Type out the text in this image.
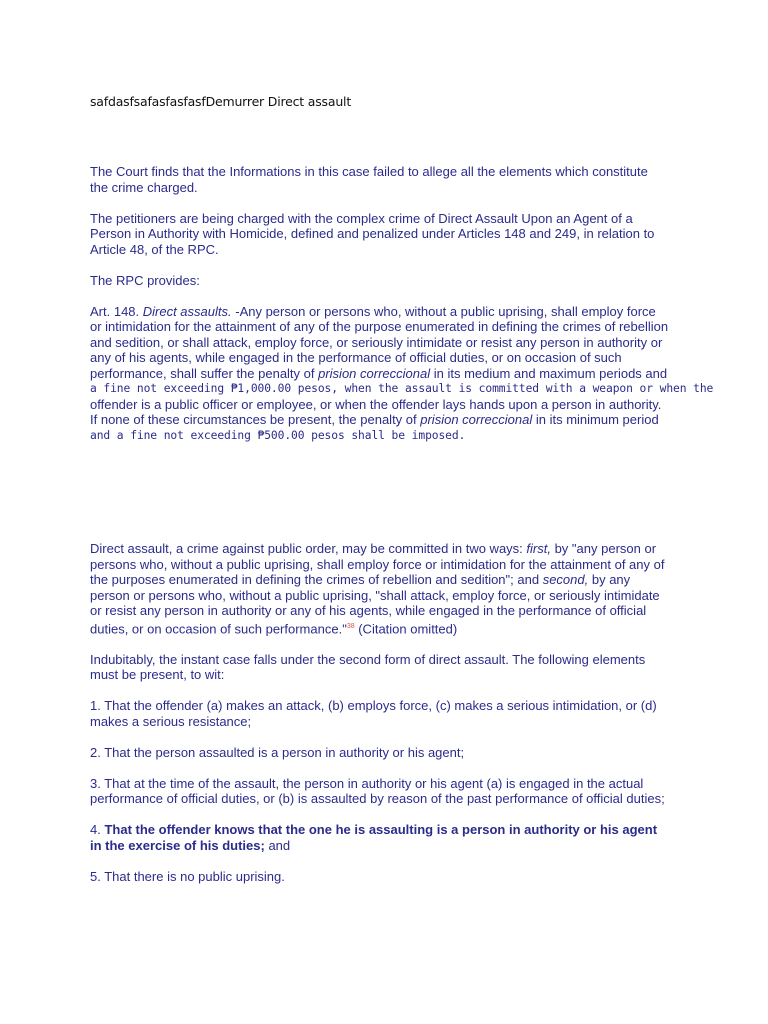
safdasfsafasfasfasfDemurrer Direct assault

The Court finds that the Informations in this case failed to allege all the elements which constitute
the crime charged.

The petitioners are being charged with the complex crime of Direct Assault Upon an Agent of a
Person in Authority with Homicide, defined and penalized under Articles 148 and 249, in relation to
Article 48, of the RPC.

The RPC provides:

Art. 148. Direct assaults. -Any person or persons who, without a public uprising, shall employ force
or intimidation for the attainment of any of the purpose enumerated in defining the crimes of rebellion
and sedition, or shall attack, employ force, or seriously intimidate or resist any person in authority or
any of his agents, while engaged in the performance of official duties, or on occasion of such
performance, shall suffer the penalty of prision correccional in its medium and maximum periods and
a fine not exceeding ₱1,000.00 pesos, when the assault is committed with a weapon or when the
offender is a public officer or employee, or when the offender lays hands upon a person in authority.
If none of these circumstances be present, the penalty of prision correccional in its minimum period
and a fine not exceeding ₱500.00 pesos shall be imposed.

Direct assault, a crime against public order, may be committed in two ways: first, by "any person or
persons who, without a public uprising, shall employ force or intimidation for the attainment of any of
the purposes enumerated in defining the crimes of rebellion and sedition"; and second, by any
person or persons who, without a public uprising, "shall attack, employ force, or seriously intimidate
or resist any person in authority or any of his agents, while engaged in the performance of official
duties, or on occasion of such performance."$^{38}$ (Citation omitted)

Indubitably, the instant case falls under the second form of direct assault. The following elements
must be present, to wit:

1. That the offender (a) makes an attack, (b) employs force, (c) makes a serious intimidation, or (d)
makes a serious resistance;

2. That the person assaulted is a person in authority or his agent;

3. That at the time of the assault, the person in authority or his agent (a) is engaged in the actual
performance of official duties, or (b) is assaulted by reason of the past performance of official duties;

4. That the offender knows that the one he is assaulting is a person in authority or his agent
in the exercise of his duties; and

5. That there is no public uprising.
